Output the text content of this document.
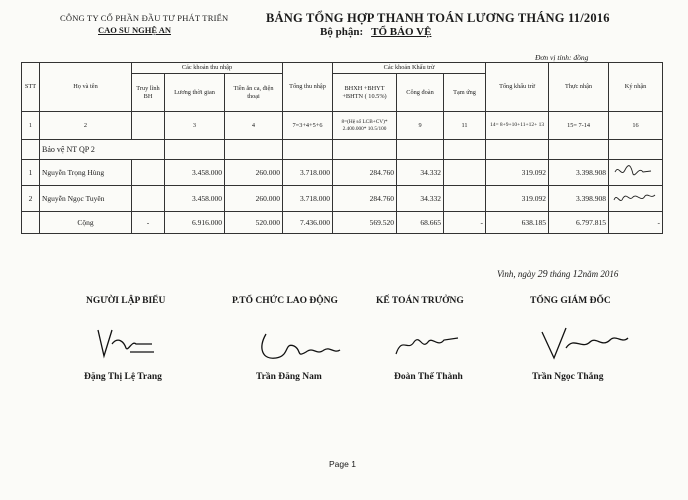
CÔNG TY CỔ PHẦN ĐẦU TƯ PHÁT TRIỂN
CAO SU NGHỆ AN
BẢNG TỔNG HỢP THANH TOÁN LƯƠNG THÁNG 11/2016
Bộ phận: TỔ BẢO VỆ
Đơn vị tính: đồng
STT	Họ và tên	Các khoản thu nhập			Tổng thu nhập	Các khoản Khấu trừ			Tổng khấu trừ	Thực nhận	Ký nhận
		Truy lĩnh BH	Lương thời gian	Tiền ăn ca, điện thoại		BHXH +BHYT +BHTN ( 10.5%)	Công đoàn	Tạm ứng			
1	2		3	4	7=3+4+5+6	8=(Hệ số LCB+CV)* 2.400.000* 10.5/100	9	11	14= 8+9+10+11+12+ 13	15= 7-14	16
	Bảo vệ NT QP 2										
1	Nguyễn Trọng Hùng		3.458.000	260.000	3.718.000	284.760	34.332		319.092	3.398.908	
2	Nguyễn Ngọc Tuyên		3.458.000	260.000	3.718.000	284.760	34.332		319.092	3.398.908	
	Cộng	-	6.916.000	520.000	7.436.000	569.520	68.665	-	638.185	6.797.815	-
Vinh, ngày 29 tháng 12năm 2016
NGƯỜI LẬP BIỂU	P.TỔ CHỨC LAO ĐỘNG	KẾ TOÁN TRƯỞNG	TỔNG GIÁM ĐỐC
Đặng Thị Lệ Trang	Trần Đăng Nam	Đoàn Thế Thành	Trần Ngọc Thắng
Page 1
